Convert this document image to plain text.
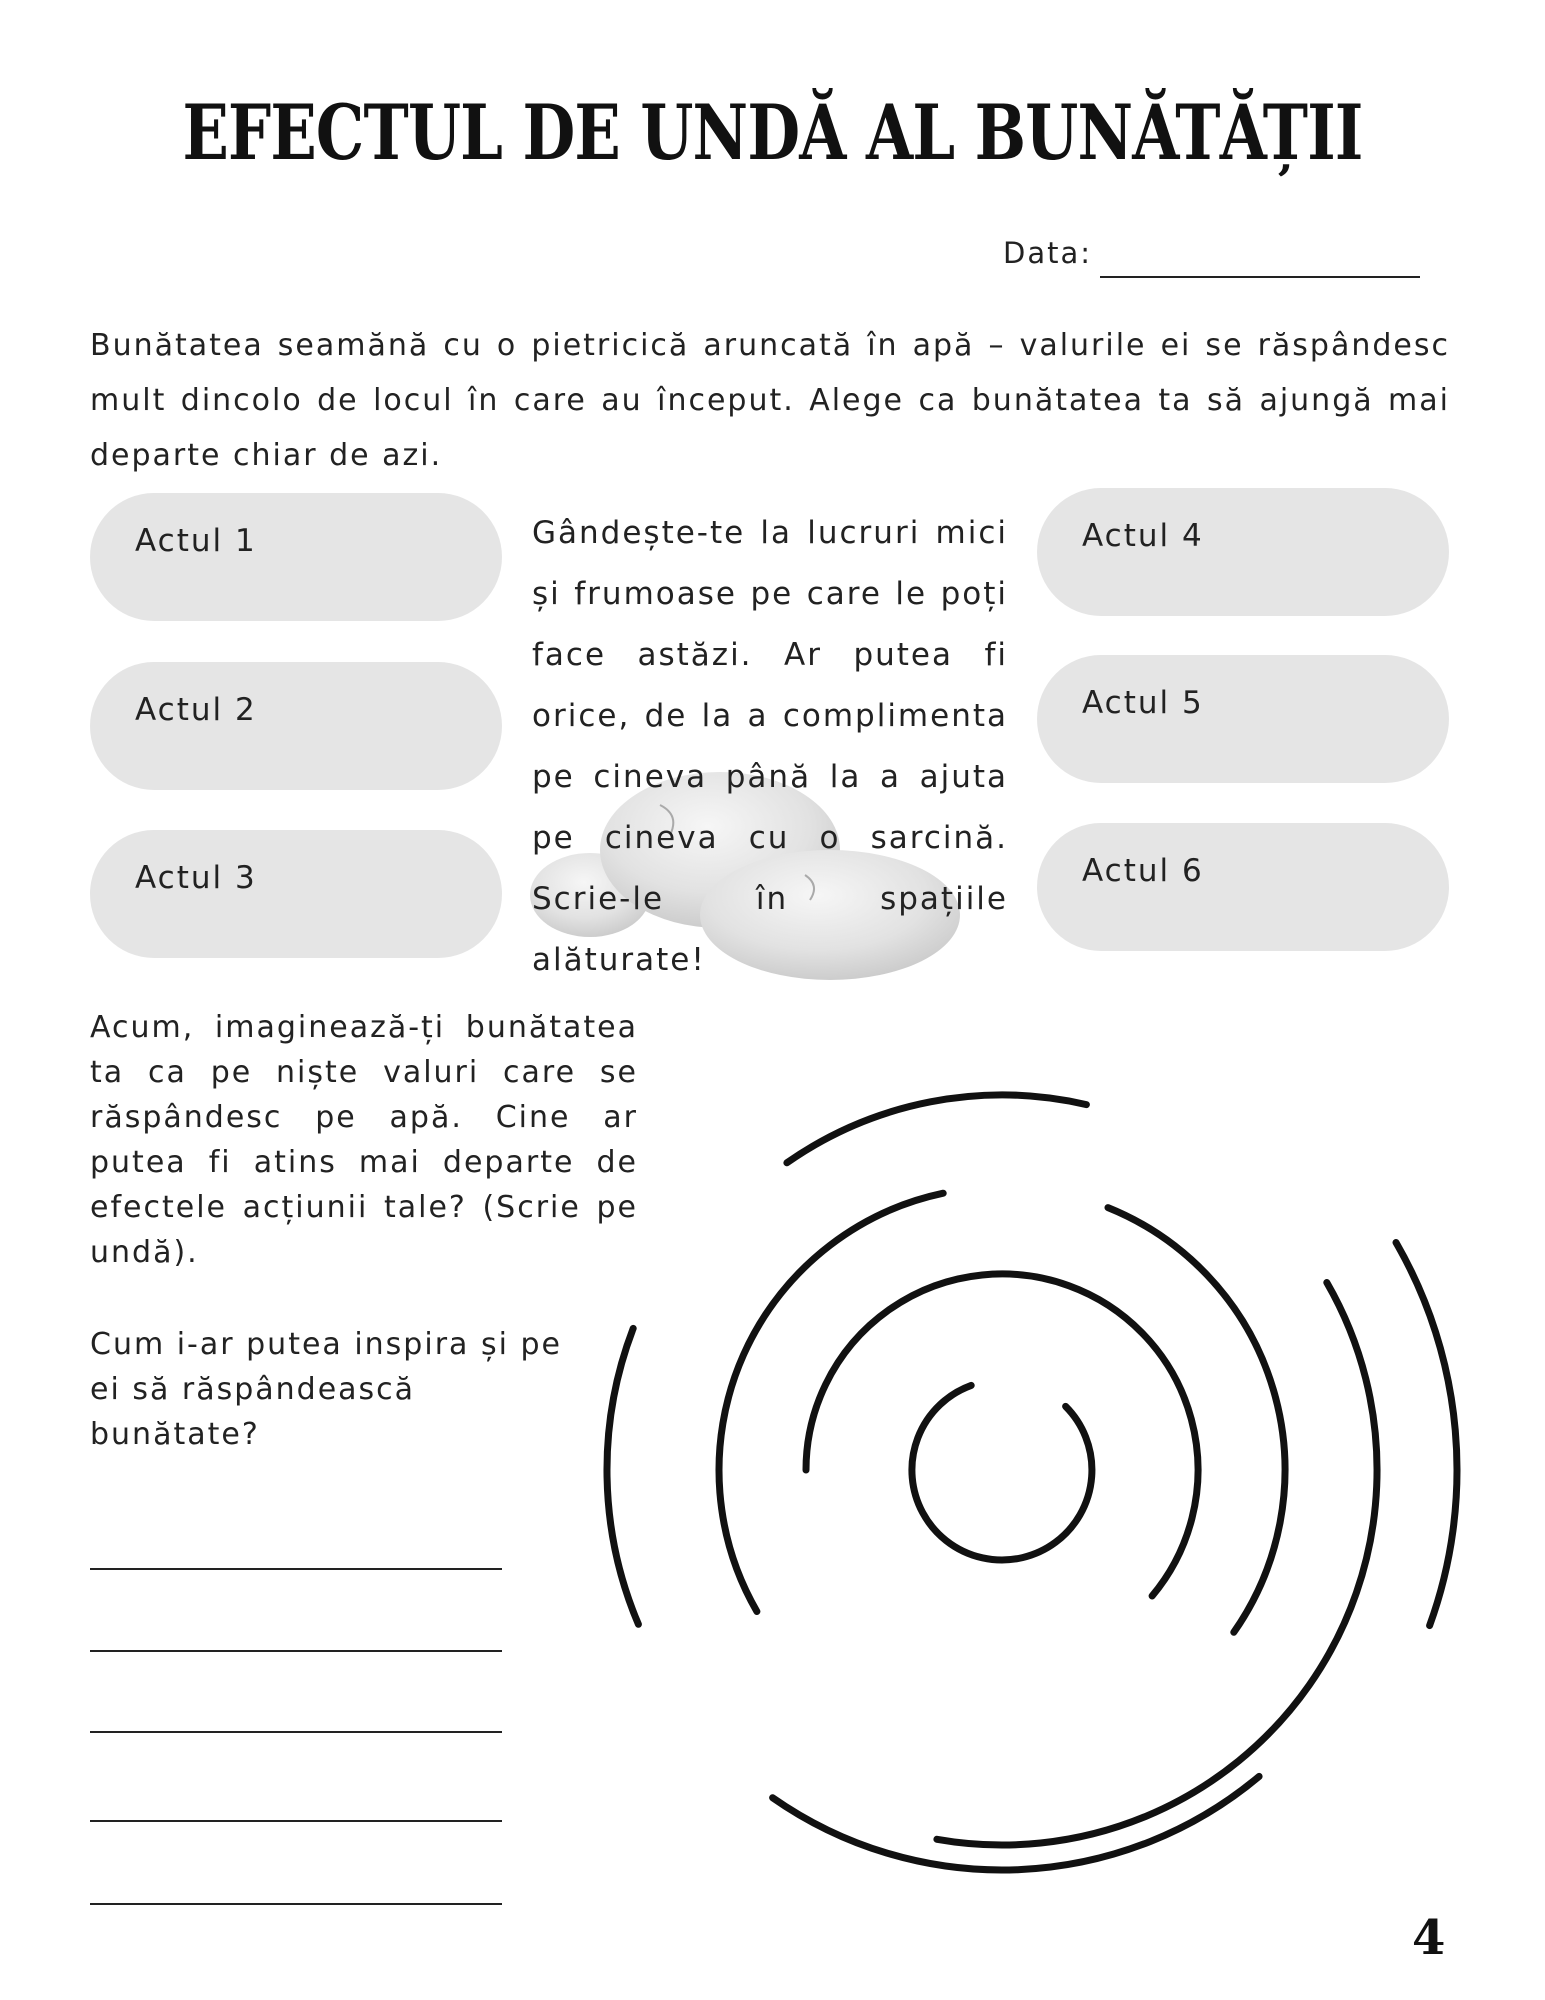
EFECTUL DE UNDĂ AL BUNĂTĂȚII
Data:

Bunătatea seamănă cu o pietricică aruncată în apă – valurile ei se răspândesc mult dincolo de locul în care au început. Alege ca bunătatea ta să ajungă mai departe chiar de azi.

Actul 1
Actul 2
Actul 3
Actul 4
Actul 5
Actul 6

Gândește-te la lucruri mici și frumoase pe care le poți face astăzi. Ar putea fi orice, de la a complimenta pe cineva până la a ajuta pe cineva cu o sarcină. Scrie-le în spațiile alăturate!

Acum, imaginează-ți bunătatea ta ca pe niște valuri care se răspândesc pe apă. Cine ar putea fi atins mai departe de efectele acțiunii tale? (Scrie pe undă).

Cum i-ar putea inspira și pe ei să răspândească bunătate?

4
